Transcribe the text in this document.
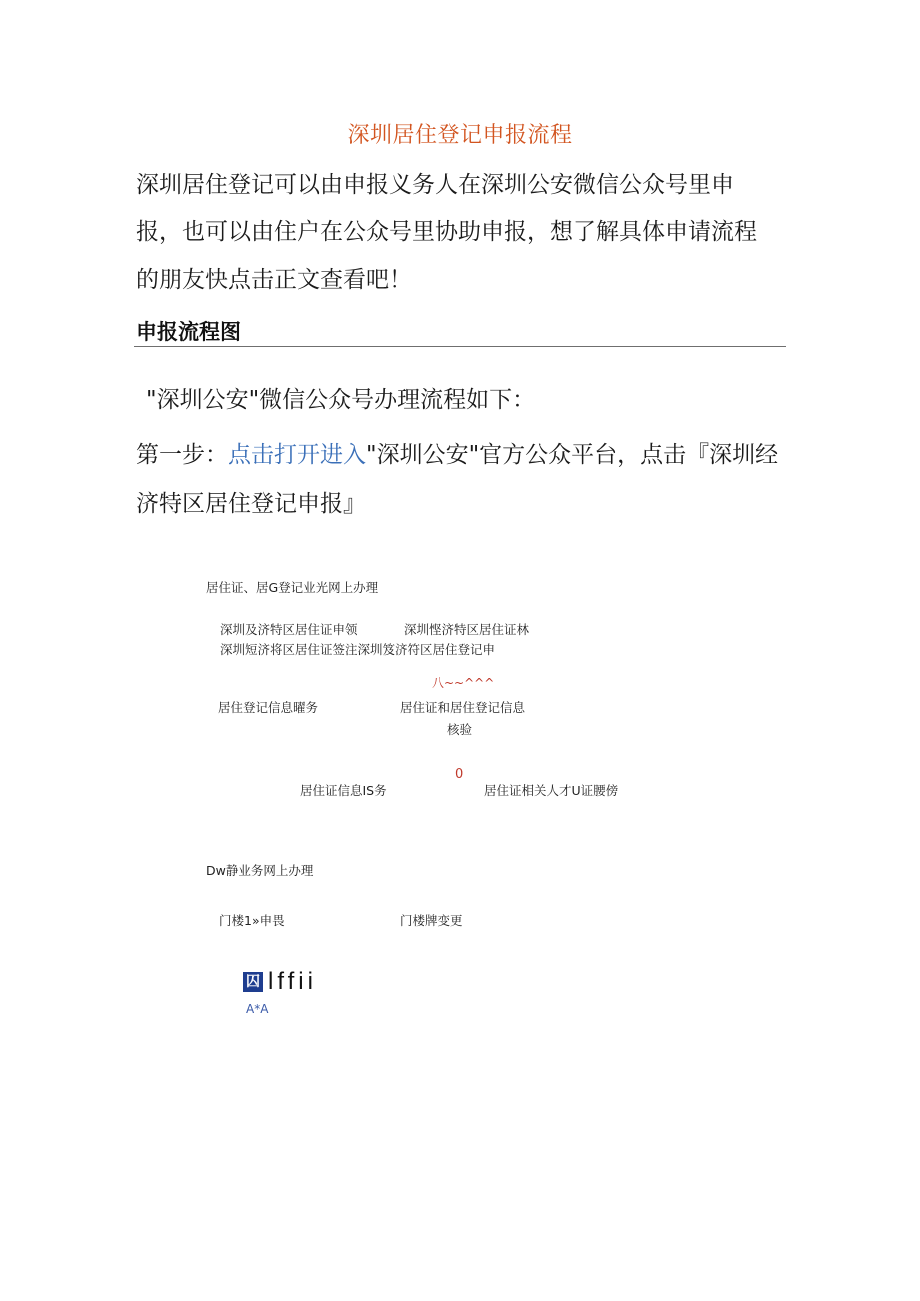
深圳居住登记申报流程
深圳居住登记可以由申报义务人在深圳公安微信公众号里申
报，也可以由住户在公众号里协助申报，想了解具体申请流程
的朋友快点击正文查看吧！
申报流程图
"深圳公安"微信公众号办理流程如下：
第一步：点击打开进入"深圳公安"官方公众平台，点击『深圳经
济特区居住登记申报』
居住证、居G登记业光网上办理
深圳及济特区居住证申领	深圳悭济特区居住证林
深圳短济将区居住证签注深圳笈济符区居住登记申
八~~^^^
居住登记信息曜务	居住证和居住登记信息
核验
0
居住证信息IS务	居住证相关人才U证腰傍
Dw静业务网上办理
门楼1»申畏	门楼牌变更
囚 lffii
A*A
